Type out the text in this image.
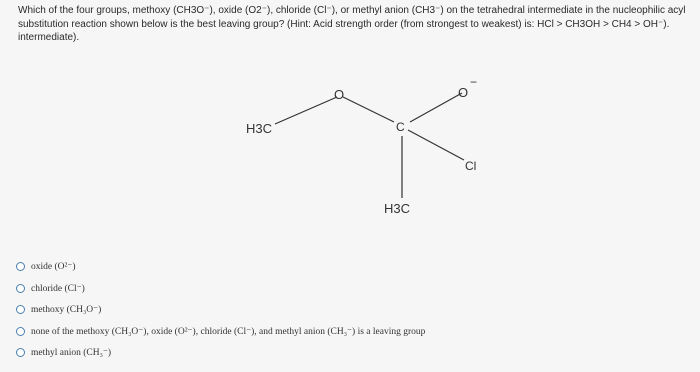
Which of the four groups, methoxy (CH3O⁻), oxide (O2⁻), chloride (Cl⁻), or methyl anion (CH3⁻) on the tetrahedral intermediate in the nucleophilic acyl substitution reaction shown below is the best leaving group? (Hint: Acid strength order (from strongest to weakest) is: HCl > CH3OH > CH4 > OH⁻). intermediate).

H3C
O
C
O
−
Cl
H3C
oxide (O²⁻)
chloride (Cl⁻)
methoxy (CH₃O⁻)
none of the methoxy (CH₃O⁻), oxide (O²⁻), chloride (Cl⁻), and methyl anion (CH₃⁻) is a leaving group
methyl anion (CH₃⁻)
